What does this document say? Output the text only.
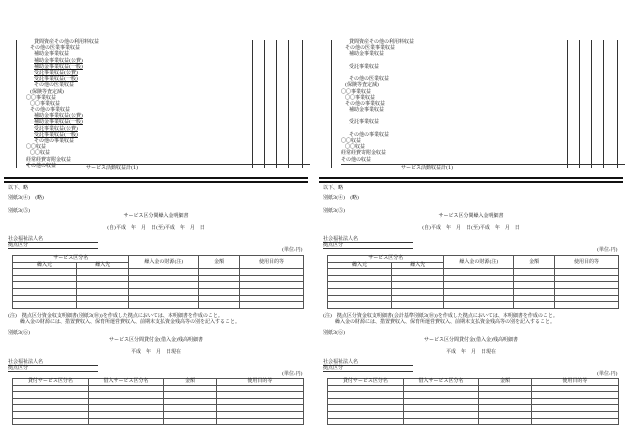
貸間資産その他の利用料収益
その他の医業事業収益
補助金事業収益
補助金事業収益(公費)
補助金事業収益(一般)
受託事業収益(公費)
受託事業収益(一般)
その他の医業収益
(保険等査定減)
〇〇事業収益
〇〇事業収益
その他の事業収益
補助金事業収益(公費)
補助金事業収益(一般)
受託事業収益(公費)
受託事業収益(一般)
その他の事業収益
〇〇収益
〇〇収益
経常経費寄附金収益
その他の収益	サービス活動収益計(1)
以下、略
別紙3(④)　(略)
別紙3(⑤)
サービス区分間繰入金明細書
(自)平成　年　月　日(至)平成　年　月　日
社会福祉法人名
拠点区分
(単位:円)
サービス区分名		繰入金の財源(注)	金額	使用目的等
繰入元	繰入先			

(注)　拠点区分資金収支明細書(別紙3(⑩))を作成した拠点においては、本明細書を作成のこと。
繰入金の財源には、措置費収入、保育所運営費収入、前期末支払資金残高等の別を記入すること。
別紙3(⑥)
サービス区分間貸付金(借入金)残高明細書
平成　年　月　日現在
社会福祉法人名
拠点区分
(単位:円)
貸付サービス区分名	借入サービス区分名	金額	使用目的等

貸間資産その他の利用料収益
その他の医業事業収益
補助金事業収益
受託事業収益
その他の医業収益
(保険等査定減)
〇〇事業収益
〇〇事業収益
その他の事業収益
補助金事業収益
受託事業収益
その他の事業収益
〇〇収益
〇〇収益
経常経費寄附金収益
その他の収益
サービス活動収益計(1)
以下、略
別紙3(④)　(略)
別紙3(⑤)
サービス区分間繰入金明細書
(自)平成　年　月　日(至)平成　年　月　日
社会福祉法人名
拠点区分
(単位:円)
サービス区分名		繰入金の財源(注)	金額	使用目的等
繰入元	繰入先			

(注)　拠点区分資金収支明細書(会計基準別紙3(⑩))を作成した拠点においては、本明細書を作成のこと。
繰入金の財源には、措置費収入、保育所運営費収入、前期末支払資金残高等の別を記入すること。
別紙3(⑥)
サービス区分間貸付金(借入金)残高明細書
平成　年　月　日現在
社会福祉法人名
拠点区分
(単位:円)
貸付サービス区分名	借入サービス区分名	金額	使用目的等
